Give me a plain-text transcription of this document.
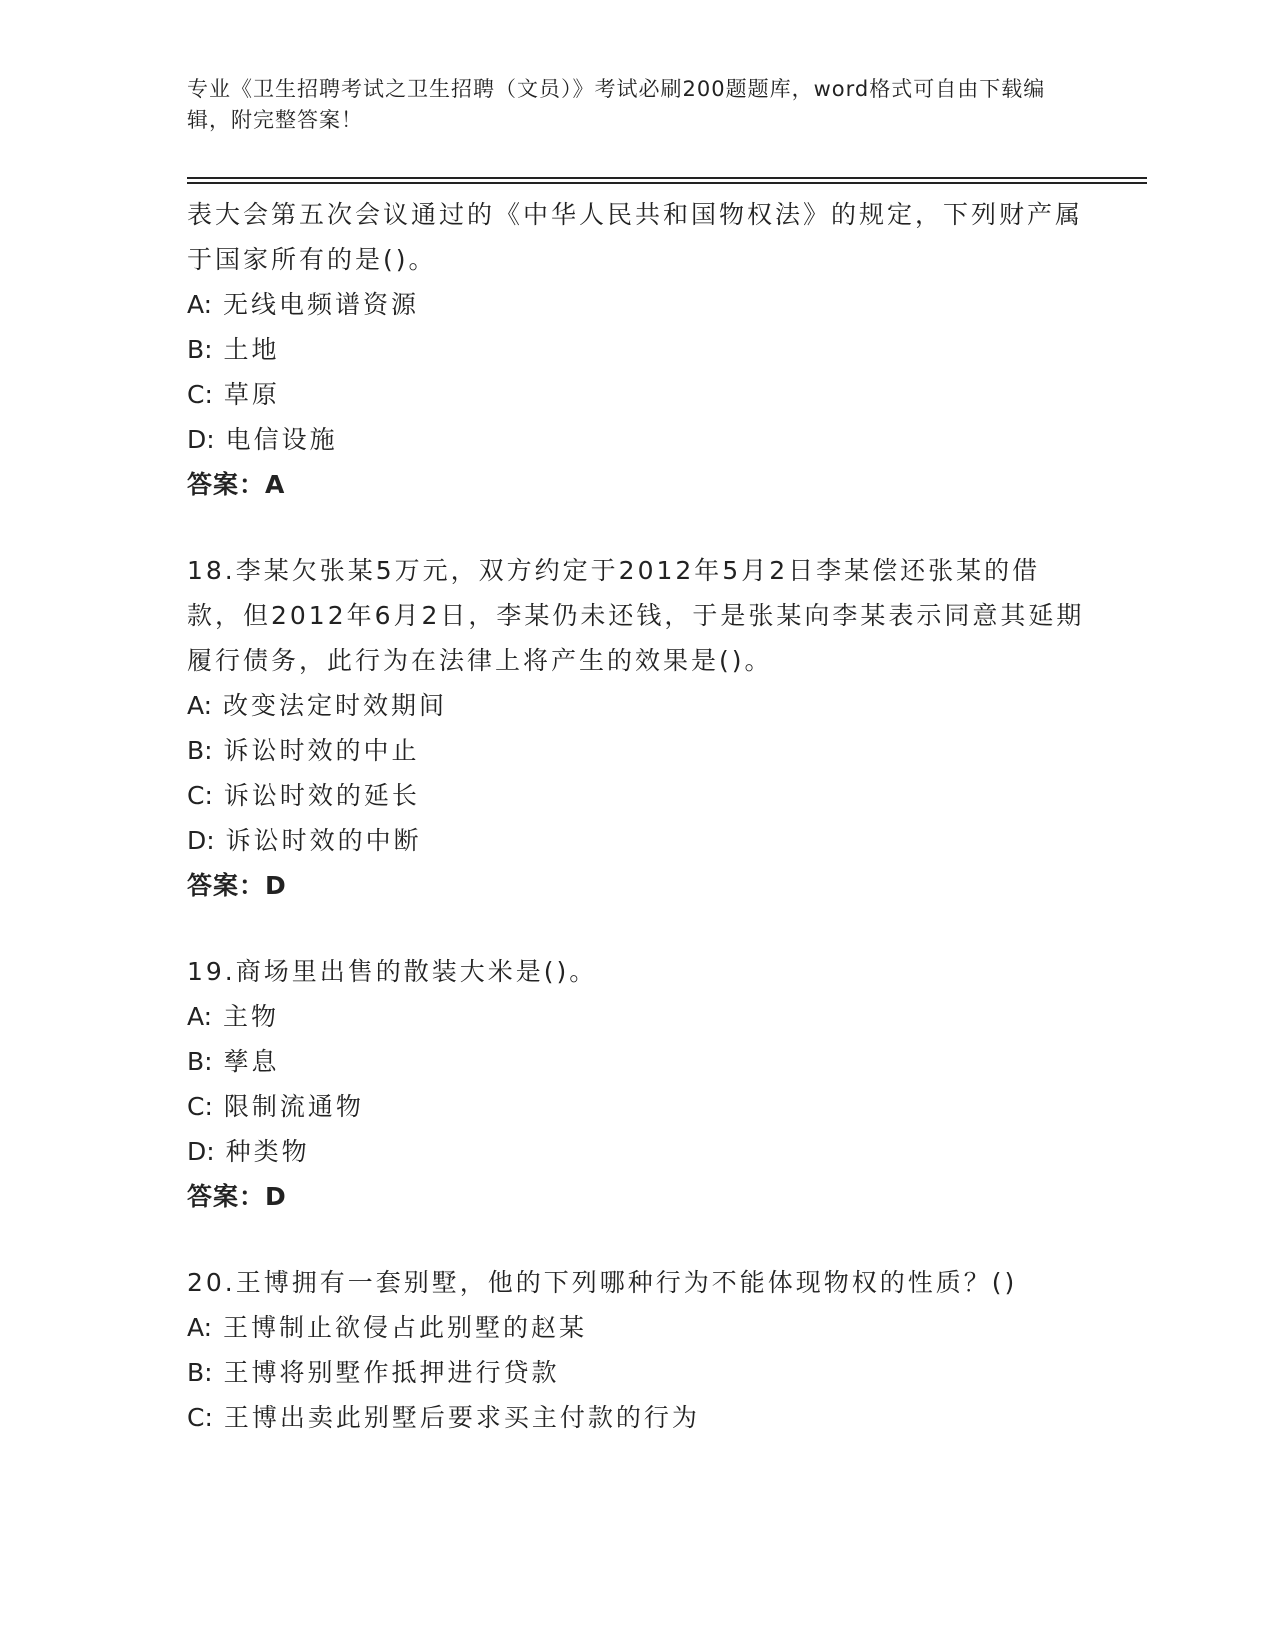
专业《卫生招聘考试之卫生招聘（文员）》考试必刷200题题库，word格式可自由下载编辑，附完整答案！

表大会第五次会议通过的《中华人民共和国物权法》的规定，下列财产属于国家所有的是()。

A: 无线电频谱资源

B: 土地

C: 草原

D: 电信设施

答案：A

18.李某欠张某5万元，双方约定于2012年5月2日李某偿还张某的借款，但2012年6月2日，李某仍未还钱，于是张某向李某表示同意其延期履行债务，此行为在法律上将产生的效果是()。

A: 改变法定时效期间

B: 诉讼时效的中止

C: 诉讼时效的延长

D: 诉讼时效的中断

答案：D

19.商场里出售的散装大米是()。

A: 主物

B: 孳息

C: 限制流通物

D: 种类物

答案：D

20.王博拥有一套别墅，他的下列哪种行为不能体现物权的性质？()

A: 王博制止欲侵占此别墅的赵某

B: 王博将别墅作抵押进行贷款

C: 王博出卖此别墅后要求买主付款的行为
